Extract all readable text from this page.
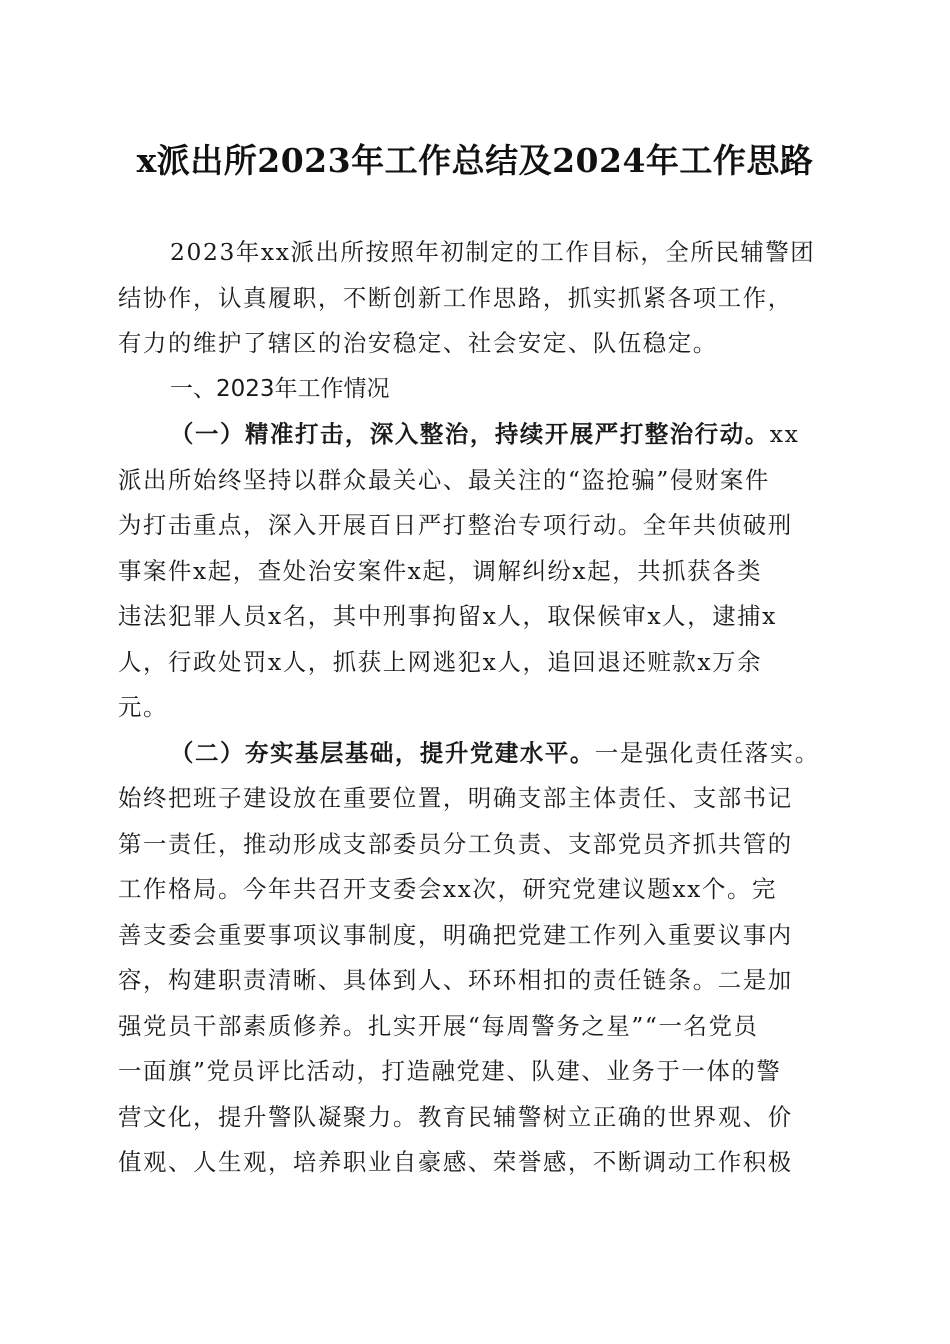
x派出所2023年工作总结及2024年工作思路
2023年xx派出所按照年初制定的工作目标，全所民辅警团
结协作，认真履职，不断创新工作思路，抓实抓紧各项工作，
有力的维护了辖区的治安稳定、社会安定、队伍稳定。
一、2023年工作情况
（一）精准打击，深入整治，持续开展严打整治行动。xx
派出所始终坚持以群众最关心、最关注的“盗抢骗”侵财案件
为打击重点，深入开展百日严打整治专项行动。全年共侦破刑
事案件x起，查处治安案件x起，调解纠纷x起，共抓获各类
违法犯罪人员x名，其中刑事拘留x人，取保候审x人，逮捕x
人，行政处罚x人，抓获上网逃犯x人，追回退还赃款x万余
元。
（二）夯实基层基础，提升党建水平。一是强化责任落实。
始终把班子建设放在重要位置，明确支部主体责任、支部书记
第一责任，推动形成支部委员分工负责、支部党员齐抓共管的
工作格局。今年共召开支委会xx次，研究党建议题xx个。完
善支委会重要事项议事制度，明确把党建工作列入重要议事内
容，构建职责清晰、具体到人、环环相扣的责任链条。二是加
强党员干部素质修养。扎实开展“每周警务之星”“一名党员
一面旗”党员评比活动，打造融党建、队建、业务于一体的警
营文化，提升警队凝聚力。教育民辅警树立正确的世界观、价
值观、人生观，培养职业自豪感、荣誉感，不断调动工作积极
